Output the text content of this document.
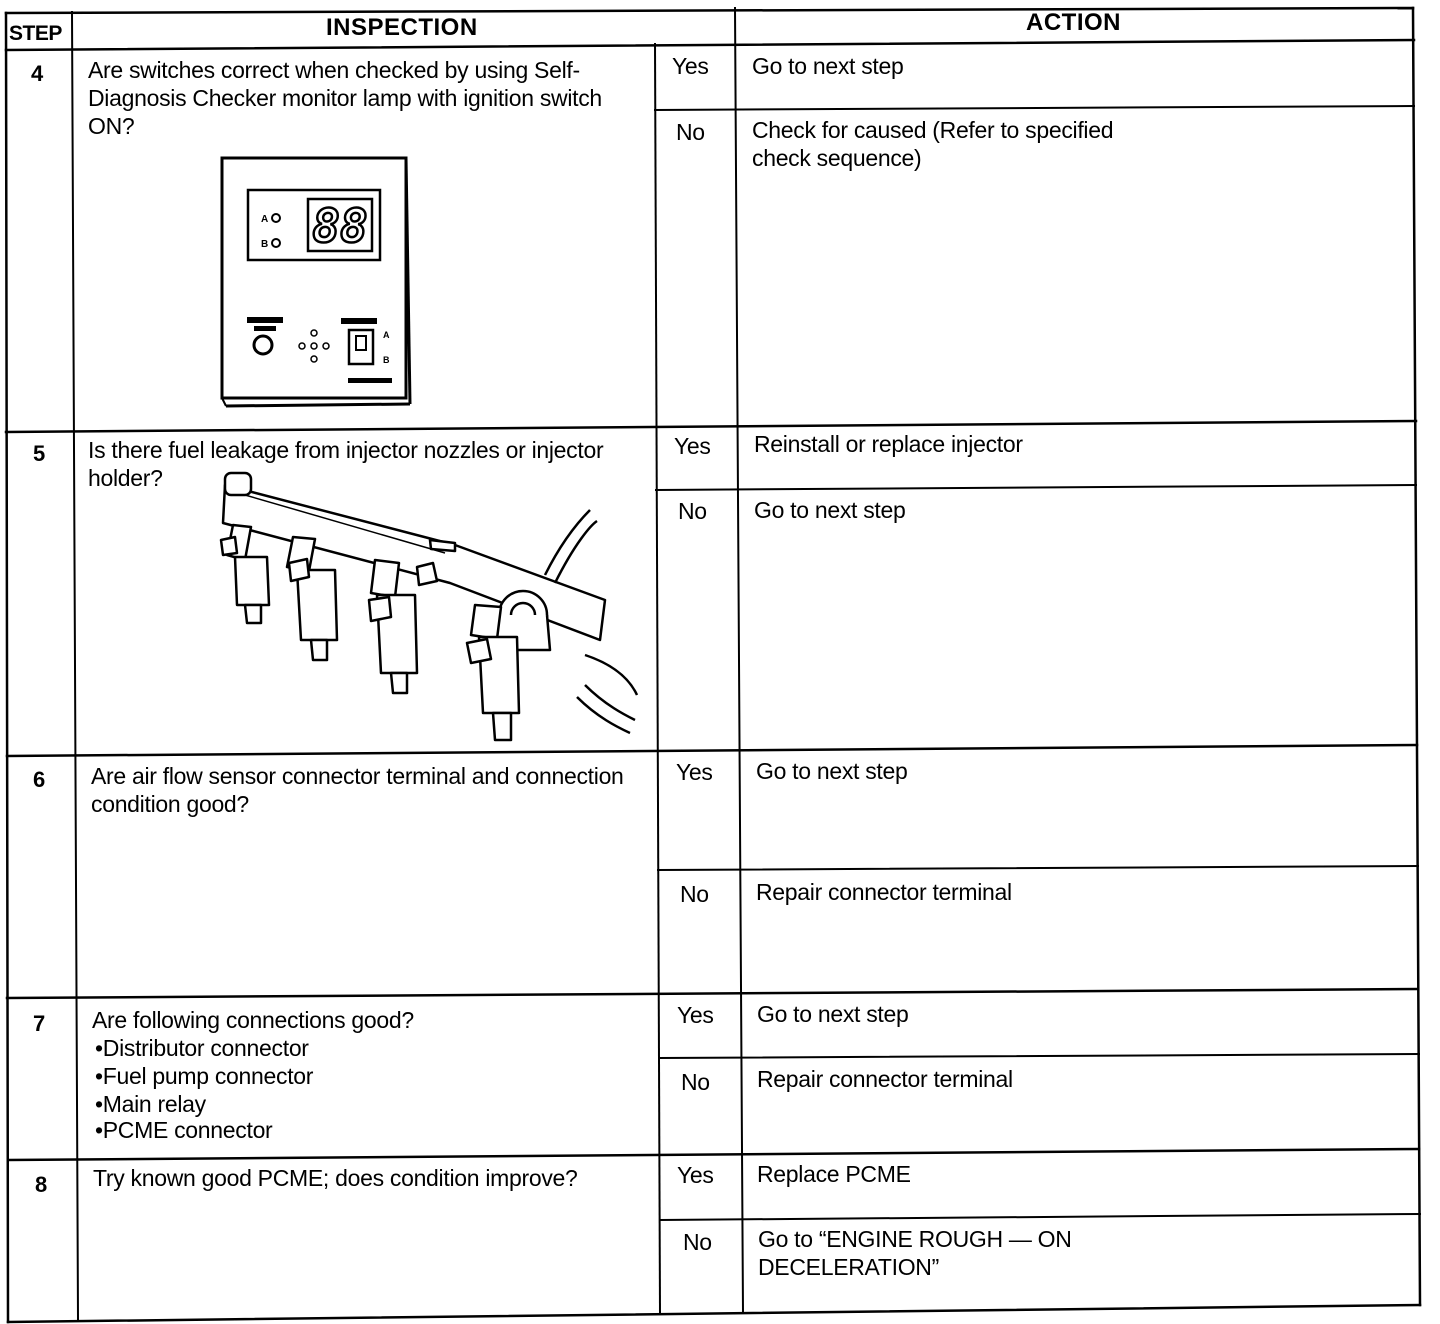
STEP	INSPECTION	ACTION
4 Are switches correct when checked by using Self-Diagnosis Checker monitor lamp with ignition switch ON?
Yes Go to next step
No Check for caused (Refer to specified
check sequence)
88
A
B
A
B
5 Is there fuel leakage from injector nozzles or injector holder?
Yes Reinstall or replace injector
No Go to next step
6 Are air flow sensor connector terminal and connection condition good?
Yes Go to next step
No Repair connector terminal
7 Are following connections good?
•Distributor connector
•Fuel pump connector
•Main relay
•PCME connector
Yes Go to next step
No Repair connector terminal
8 Try known good PCME; does condition improve?	Yes Replace PCME
No Go to “ENGINE ROUGH — ON
DECELERATION”
